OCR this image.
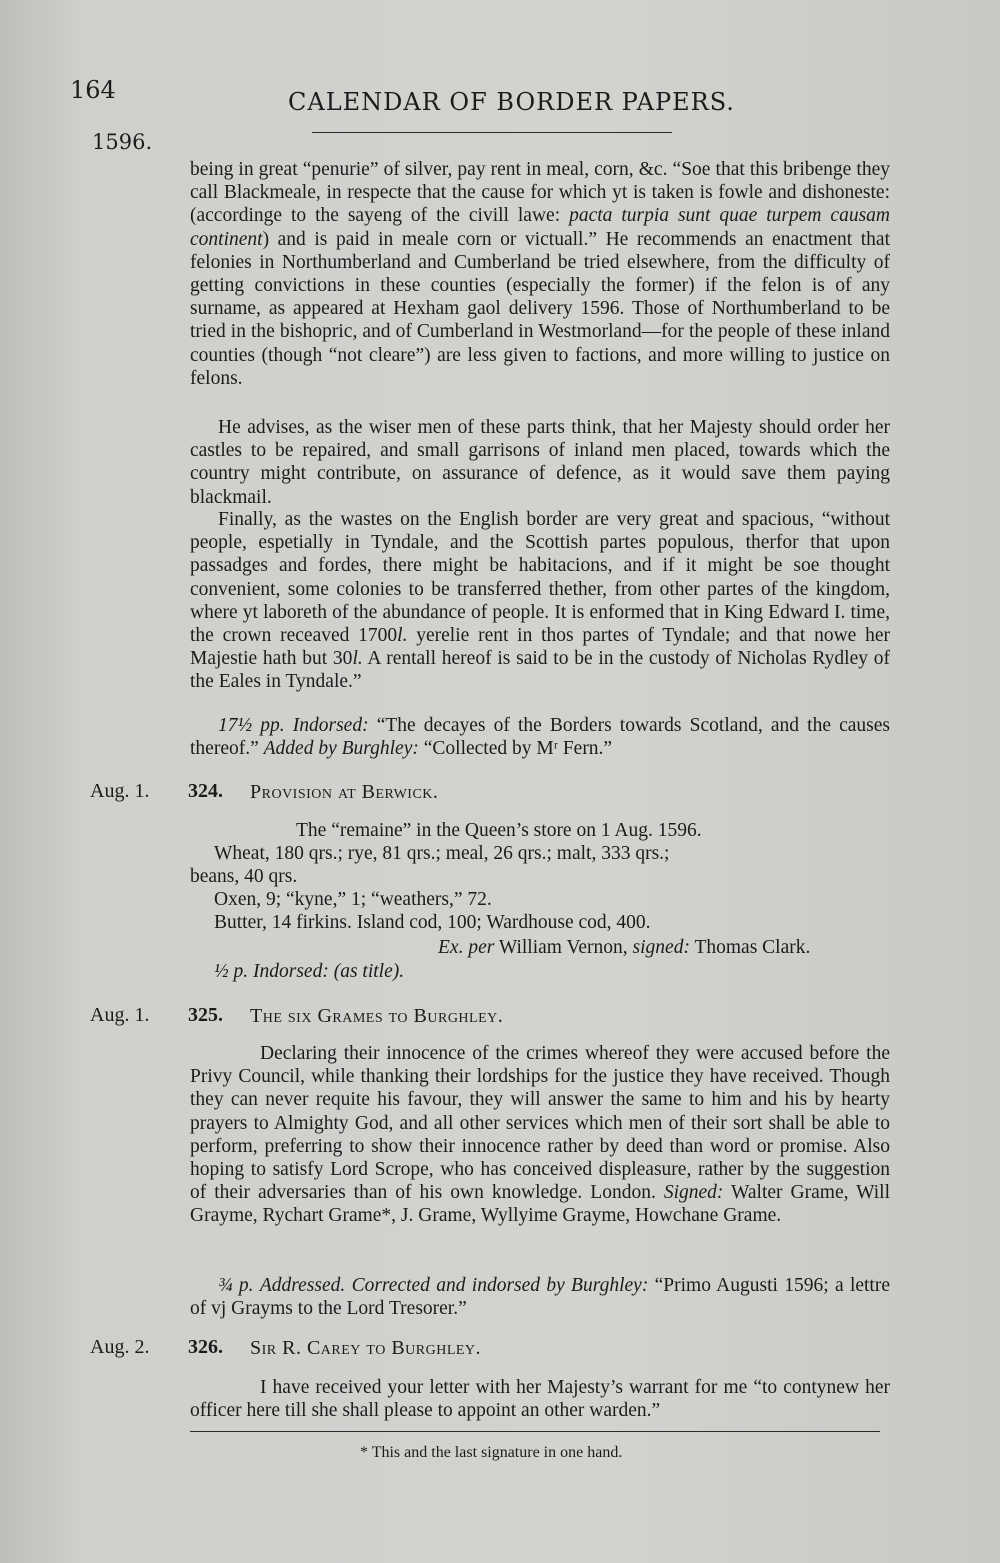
164	CALENDAR OF BORDER PAPERS.
1596.

being in great “penurie” of silver, pay rent in meal, corn, &c. “Soe that this bribenge they call Blackmeale, in respecte that the cause for which yt is taken is fowle and dishoneste: (accordinge to the sayeng of the civill lawe: pacta turpia sunt quae turpem causam continent) and is paid in meale corn or victuall.” He recommends an enactment that felonies in Northumberland and Cumberland be tried elsewhere, from the difficulty of getting convictions in these counties (especially the former) if the felon is of any surname, as appeared at Hexham gaol delivery 1596. Those of Northumberland to be tried in the bishopric, and of Cumberland in Westmorland—for the people of these inland counties (though “not cleare”) are less given to factions, and more willing to justice on felons.

He advises, as the wiser men of these parts think, that her Majesty should order her castles to be repaired, and small garrisons of inland men placed, towards which the country might contribute, on assurance of defence, as it would save them paying blackmail.

Finally, as the wastes on the English border are very great and spacious, “without people, espetially in Tyndale, and the Scottish partes populous, therfor that upon passadges and fordes, there might be habitacions, and if it might be soe thought convenient, some colonies to be transferred thether, from other partes of the kingdom, where yt laboreth of the abundance of people. It is enformed that in King Edward I. time, the crown receaved 1700l. yerelie rent in thos partes of Tyndale; and that nowe her Majestie hath but 30l. A rentall hereof is said to be in the custody of Nicholas Rydley of the Eales in Tyndale.”

17½ pp. Indorsed: “The decayes of the Borders towards Scotland, and the causes thereof.” Added by Burghley: “Collected by Mʳ Fern.”

Aug. 1. 324. Provision at Berwick.
The “remaine” in the Queen’s store on 1 Aug. 1596.
Wheat, 180 qrs.; rye, 81 qrs.; meal, 26 qrs.; malt, 333 qrs.;
beans, 40 qrs.
Oxen, 9; “kyne,” 1; “weathers,” 72.
Butter, 14 firkins. Island cod, 100; Wardhouse cod, 400.
Ex. per William Vernon, signed: Thomas Clark.
½ p. Indorsed: (as title).
Aug. 1. 325. The six Grames to Burghley.

Declaring their innocence of the crimes whereof they were accused before the Privy Council, while thanking their lordships for the justice they have received. Though they can never requite his favour, they will answer the same to him and his by hearty prayers to Almighty God, and all other services which men of their sort shall be able to perform, preferring to show their innocence rather by deed than word or promise. Also hoping to satisfy Lord Scrope, who has conceived displeasure, rather by the suggestion of their adversaries than of his own knowledge. London. Signed: Walter Grame, Will Grayme, Rychart Grame*, J. Grame, Wyllyime Grayme, Howchane Grame.

¾ p. Addressed. Corrected and indorsed by Burghley: “Primo Augusti 1596; a lettre of vj Grayms to the Lord Tresorer.”

Aug. 2. 326. Sir R. Carey to Burghley.

I have received your letter with her Majesty’s warrant for me “to contynew her officer here till she shall please to appoint an other warden.”

* This and the last signature in one hand.
